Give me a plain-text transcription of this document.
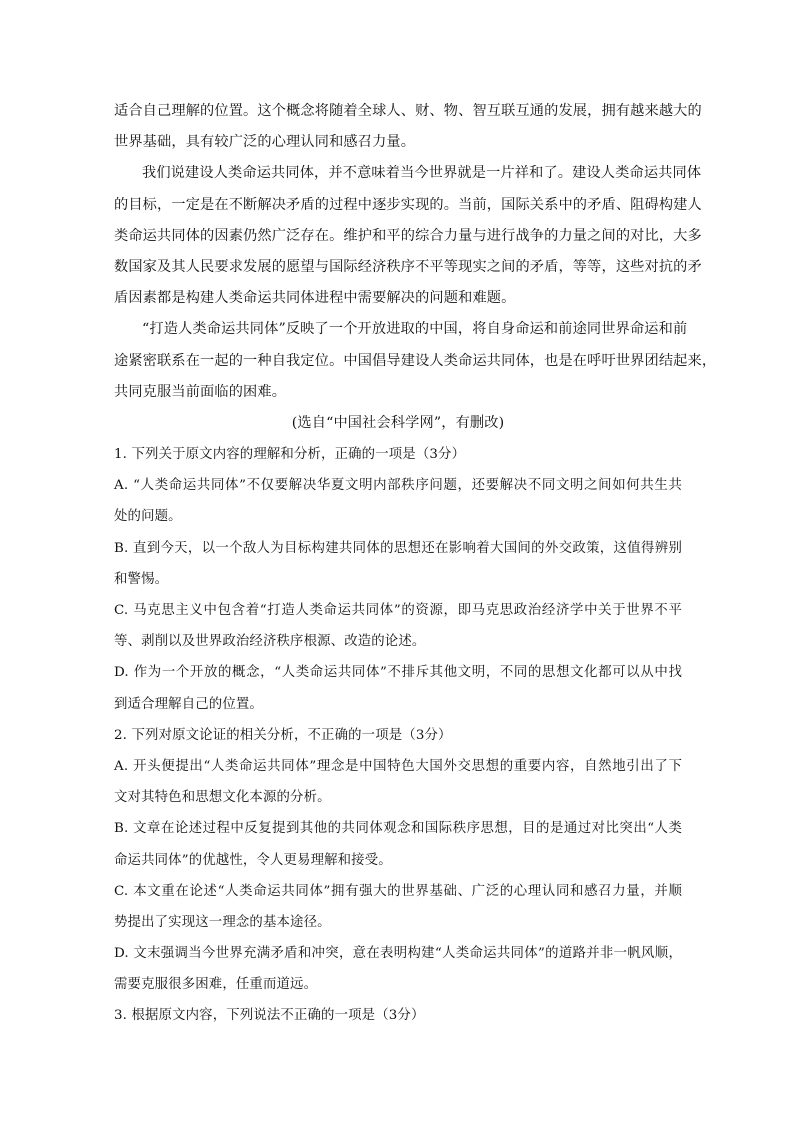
适合自己理解的位置。这个概念将随着全球人、财、物、智互联互通的发展，拥有越来越大的
世界基础，具有较广泛的心理认同和感召力量。
我们说建设人类命运共同体，并不意味着当今世界就是一片祥和了。建设人类命运共同体
的目标，一定是在不断解决矛盾的过程中逐步实现的。当前，国际关系中的矛盾、阻碍构建人
类命运共同体的因素仍然广泛存在。维护和平的综合力量与进行战争的力量之间的对比，大多
数国家及其人民要求发展的愿望与国际经济秩序不平等现实之间的矛盾，等等，这些对抗的矛
盾因素都是构建人类命运共同体进程中需要解决的问题和难题。
“打造人类命运共同体”反映了一个开放进取的中国，将自身命运和前途同世界命运和前
途紧密联系在一起的一种自我定位。中国倡导建设人类命运共同体，也是在呼吁世界团结起来，
共同克服当前面临的困难。
(选自“中国社会科学网”，有删改)
1. 下列关于原文内容的理解和分析，正确的一项是（3分）
A. “人类命运共同体”不仅要解决华夏文明内部秩序问题，还要解决不同文明之间如何共生共
处的问题。
B. 直到今天，以一个敌人为目标构建共同体的思想还在影响着大国间的外交政策，这值得辨别
和警惕。
C. 马克思主义中包含着“打造人类命运共同体”的资源，即马克思政治经济学中关于世界不平
等、剥削以及世界政治经济秩序根源、改造的论述。
D. 作为一个开放的概念，“人类命运共同体”不排斥其他文明，不同的思想文化都可以从中找
到适合理解自己的位置。
2. 下列对原文论证的相关分析，不正确的一项是（3分）
A. 开头便提出“人类命运共同体”理念是中国特色大国外交思想的重要内容，自然地引出了下
文对其特色和思想文化本源的分析。
B. 文章在论述过程中反复提到其他的共同体观念和国际秩序思想，目的是通过对比突出“人类
命运共同体”的优越性，令人更易理解和接受。
C. 本文重在论述“人类命运共同体”拥有强大的世界基础、广泛的心理认同和感召力量，并顺
势提出了实现这一理念的基本途径。
D. 文末强调当今世界充满矛盾和冲突，意在表明构建“人类命运共同体”的道路并非一帆风顺，
需要克服很多困难，任重而道远。
3. 根据原文内容，下列说法不正确的一项是（3分）
